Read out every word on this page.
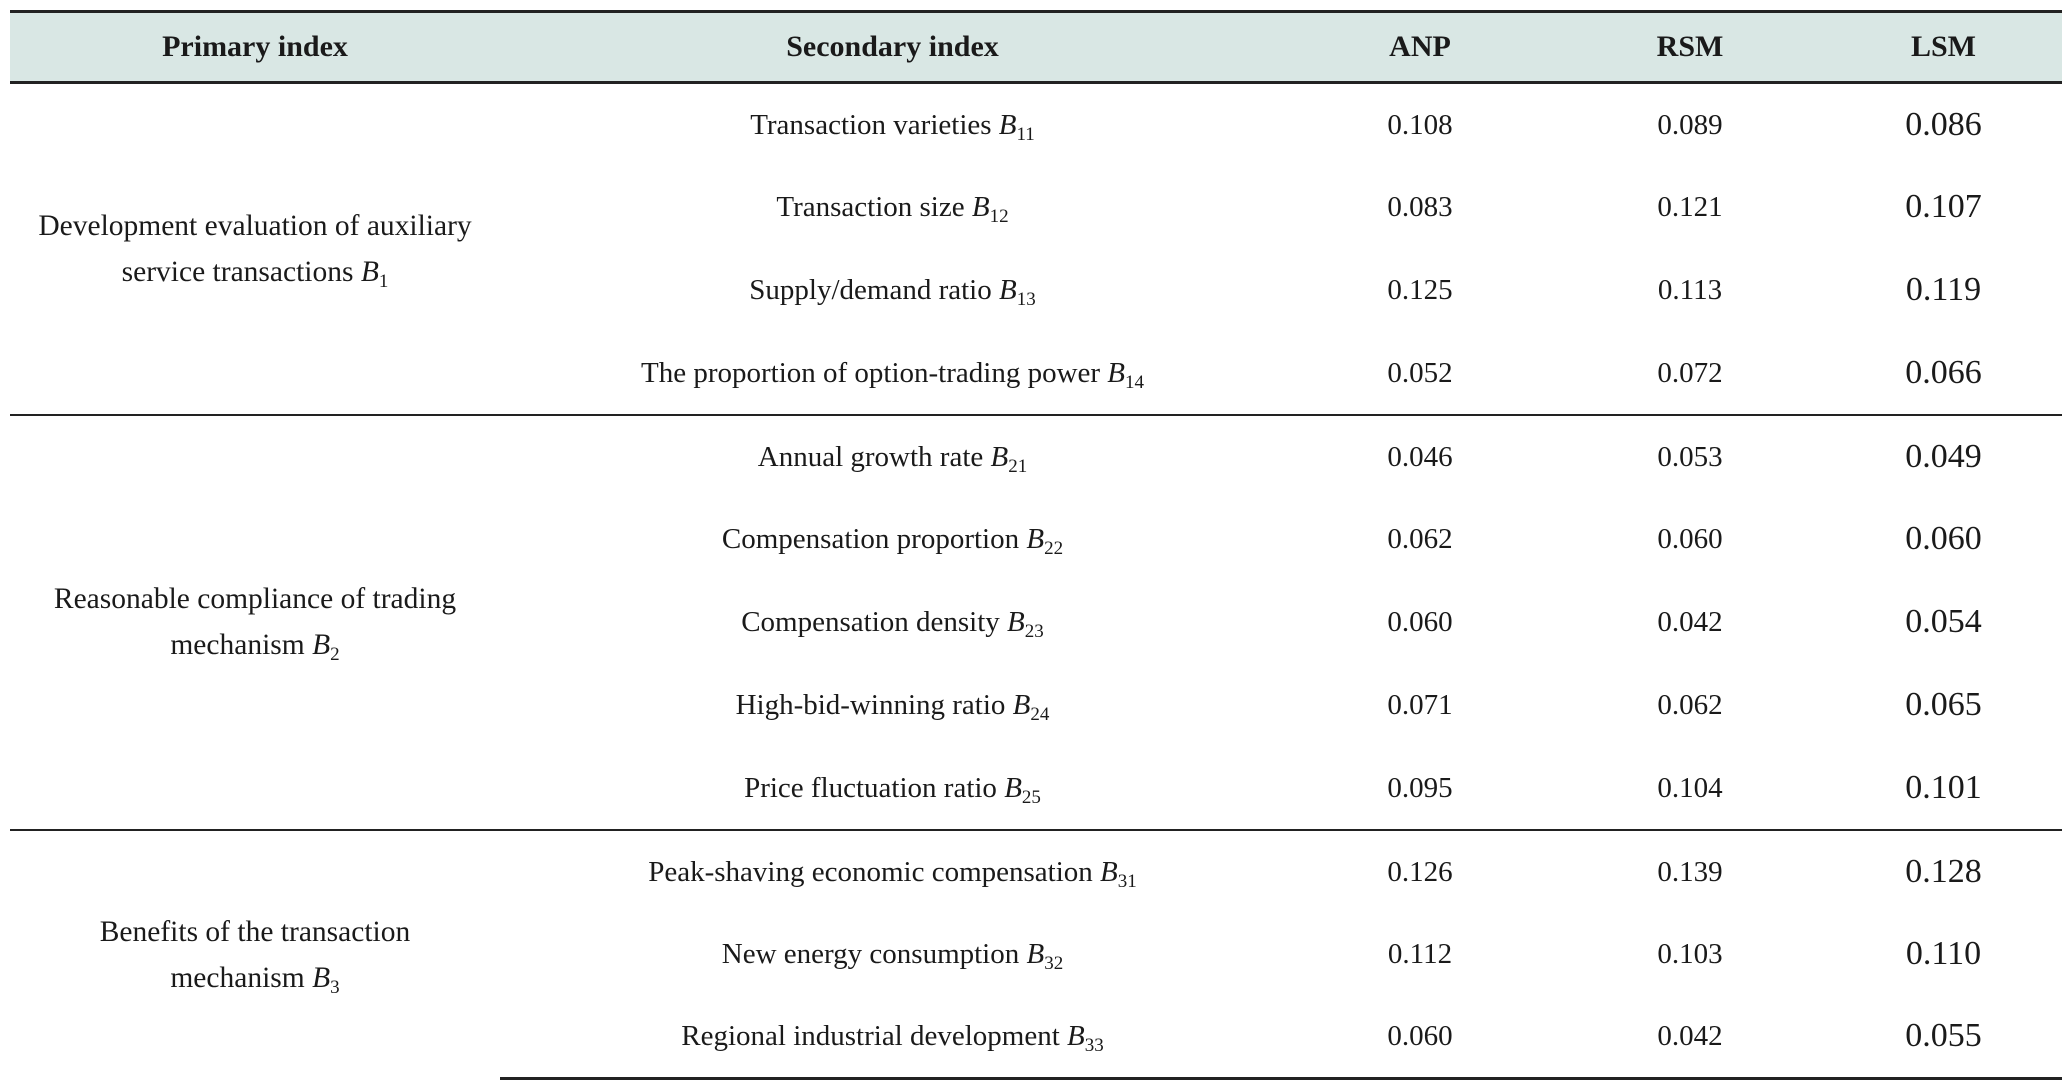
Primary index	Secondary index	ANP	RSM	LSM
Development evaluation of auxiliary service transactions $B_1$	Transaction varieties $B_{11}$	0.108	0.089	0.086
	Transaction size $B_{12}$	0.083	0.121	0.107
	Supply/demand ratio $B_{13}$	0.125	0.113	0.119
	The proportion of option-trading power $B_{14}$	0.052	0.072	0.066
Reasonable compliance of trading mechanism $B_2$	Annual growth rate $B_{21}$	0.046	0.053	0.049
	Compensation proportion $B_{22}$	0.062	0.060	0.060
	Compensation density $B_{23}$	0.060	0.042	0.054
	High-bid-winning ratio $B_{24}$	0.071	0.062	0.065
	Price fluctuation ratio $B_{25}$	0.095	0.104	0.101
Benefits of the transaction mechanism $B_3$	Peak-shaving economic compensation $B_{31}$	0.126	0.139	0.128
	New energy consumption $B_{32}$	0.112	0.103	0.110
	Regional industrial development $B_{33}$	0.060	0.042	0.055
